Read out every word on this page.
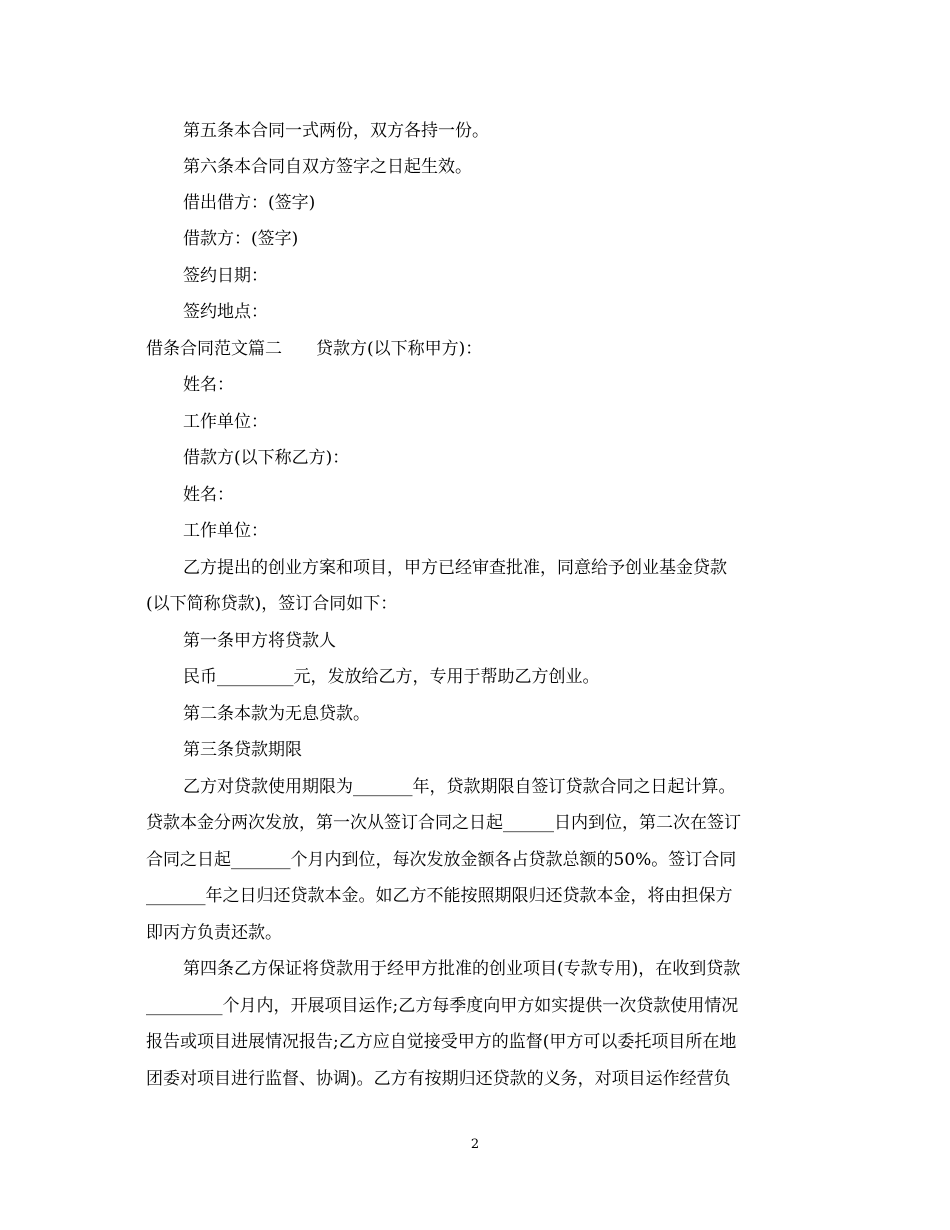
第五条本合同一式两份，双方各持一份。
第六条本合同自双方签字之日起生效。
借出借方：(签字)
借款方：(签字)
签约日期：
签约地点：
借条合同范文篇二　　贷款方(以下称甲方)：
姓名：
工作单位：
借款方(以下称乙方)：
姓名：
工作单位：
乙方提出的创业方案和项目，甲方已经审查批准，同意给予创业基金贷款
(以下简称贷款)，签订合同如下：
第一条甲方将贷款人
民币_________元，发放给乙方，专用于帮助乙方创业。
第二条本款为无息贷款。
第三条贷款期限
乙方对贷款使用期限为_______年，贷款期限自签订贷款合同之日起计算。
贷款本金分两次发放，第一次从签订合同之日起______日内到位，第二次在签订
合同之日起_______个月内到位，每次发放金额各占贷款总额的50%。签订合同
_______年之日归还贷款本金。如乙方不能按照期限归还贷款本金，将由担保方
即丙方负责还款。
第四条乙方保证将贷款用于经甲方批准的创业项目(专款专用)，在收到贷款
_________个月内，开展项目运作;乙方每季度向甲方如实提供一次贷款使用情况
报告或项目进展情况报告;乙方应自觉接受甲方的监督(甲方可以委托项目所在地
团委对项目进行监督、协调)。乙方有按期归还贷款的义务，对项目运作经营负
2
